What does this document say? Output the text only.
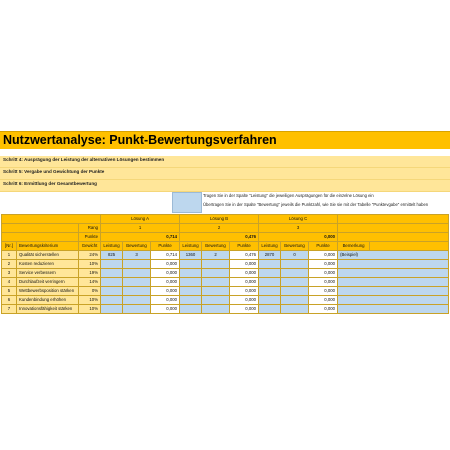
Nutzwertanalyse: Punkt-Bewertungsverfahren
Schritt 4: Ausprägung der Leistung der alternativen Lösungen bestimmen
Schritt 5: Vergabe und Gewichtung der Punkte
Schritt 6: Ermittlung der Gesamtbewertung
Tragen Sie in der Spalte "Leistung" die jeweiligen Ausprägungen für die einzelne Lösung ein
Übertragen Sie in der Spalte "Bewertung" jeweils die Punktzahl, wie Sie sie mit der Tabelle "Punktevgabe" ermittelt haben
			Lösung A			Lösung B			Lösung C				
		Rang	1			2			3				
		Punkte	0,714			0,476			0,000				
[Nr.]	Bewertungskriterium	Gewicht	Leistung	Bewertung	Punkte	Leistung	Bewertung	Punkte	Leistung	Bewertung	Punkte	Bemerkung	
1	Qualität sicherstellen	24%	825	3	0,714	1360	2	0,476	2870	0	0,000	(Beispiel)	
2	Kosten reduzieren	10%			0,000			0,000			0,000		
3	Service verbessern	19%			0,000			0,000			0,000		
4	Durchlaufzeit verringern	14%			0,000			0,000			0,000		
5	Wettbewerbsposition stärken	0%			0,000			0,000			0,000		
6	Kundenbindung erhöhen	10%			0,000			0,000			0,000		
7	Innovationsfähigkeit stärken	10%			0,000			0,000			0,000		
